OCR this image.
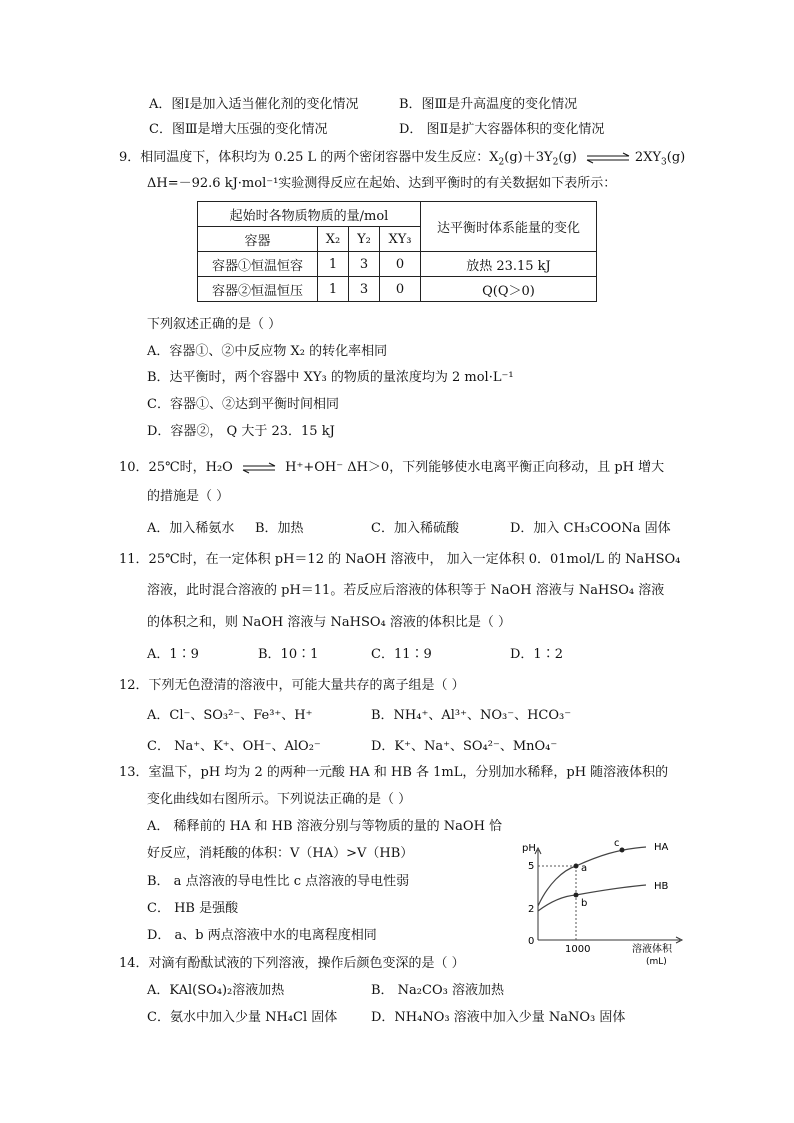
A．图Ⅰ是加入适当催化剂的变化情况	B．图Ⅲ是升高温度的变化情况
C．图Ⅲ是增大压强的变化情况	D． 图Ⅱ是扩大容器体积的变化情况
9．相同温度下，体积均为 0.25 L 的两个密闭容器中发生反应：$X_2(g)+3Y_2(g)$ ⇌ $2XY_3(g)$
ΔH=－92.6 kJ·mol⁻¹实验测得反应在起始、达到平衡时的有关数据如下表所示：
起始时各物质物质的量/mol				达平衡时体系能量的变化
容器	X₂	Y₂	XY₃	
容器①恒温恒容	1	3	0	放热 23.15 kJ
容器②恒温恒压	1	3	0	Q(Q＞0)
下列叙述正确的是（ ）
A．容器①、②中反应物 X₂ 的转化率相同
B．达平衡时，两个容器中 XY₃ 的物质的量浓度均为 2 mol·L⁻¹
C．容器①、②达到平衡时间相同
D．容器②， Q 大于 23．15 kJ
10．25℃时，H₂O ⇌ H⁺+OH⁻ ΔH＞0，下列能够使水电离平衡正向移动，且 pH 增大
的措施是（ ）
A．加入稀氨水 B．加热	C．加入稀硫酸	D．加入 CH₃COONa 固体
11．25℃时，在一定体积 pH＝12 的 NaOH 溶液中， 加入一定体积 0．01mol/L 的 NaHSO₄
溶液，此时混合溶液的 pH＝11。若反应后溶液的体积等于 NaOH 溶液与 NaHSO₄ 溶液
的体积之和，则 NaOH 溶液与 NaHSO₄ 溶液的体积比是（ ）
A．1∶9	B．10∶1	C．11∶9	D．1∶2
12．下列无色澄清的溶液中，可能大量共存的离子组是（ ）
A．Cl⁻、SO₃²⁻、Fe³⁺、H⁺	B．NH₄⁺、Al³⁺、NO₃⁻、HCO₃⁻
C． Na⁺、K⁺、OH⁻、AlO₂⁻	D．K⁺、Na⁺、SO₄²⁻、MnO₄⁻
13．室温下，pH 均为 2 的两种一元酸 HA 和 HB 各 1mL，分别加水稀释，pH 随溶液体积的
变化曲线如右图所示。下列说法正确的是（ ）
A． 稀释前的 HA 和 HB 溶液分别与等物质的量的 NaOH 恰
好反应，消耗酸的体积：V（HA）>V（HB）
B． a 点溶液的导电性比 c 点溶液的导电性弱
C． HB 是强酸
D． a、b 两点溶液中水的电离程度相同
pH
5
2
0
1000	溶液体积
(mL)
a
b
c	HA
HB
14．对滴有酚酞试液的下列溶液，操作后颜色变深的是（ ）
A．KAl(SO₄)₂溶液加热	B． Na₂CO₃ 溶液加热
C．氨水中加入少量 NH₄Cl 固体	D．NH₄NO₃ 溶液中加入少量 NaNO₃ 固体
